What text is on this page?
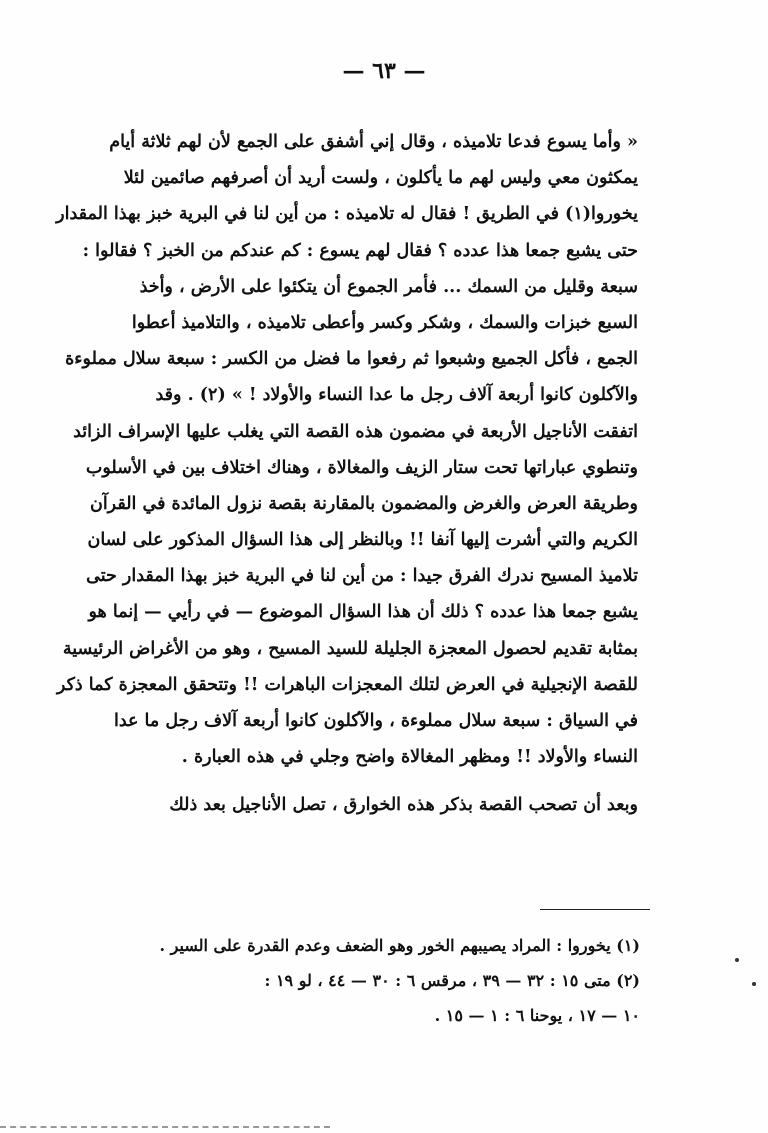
— ٦٣ —
« وأما يسوع فدعا تلاميذه ، وقال إني أشفق على الجمع لأن لهم ثلاثة أيام
يمكثون معي وليس لهم ما يأكلون ، ولست أريد أن أصرفهم صائمين لئلا
يخوروا(١) في الطريق ! فقال له تلاميذه : من أين لنا في البرية خبز بهذا المقدار
حتى يشبع جمعا هذا عدده ؟ فقال لهم يسوع : كم عندكم من الخبز ؟ فقالوا :
سبعة وقليل من السمك ... فأمر الجموع أن يتكئوا على الأرض ، وأخذ
السبع خبزات والسمك ، وشكر وكسر وأعطى تلاميذه ، والتلاميذ أعطوا
الجمع ، فأكل الجميع وشبعوا ثم رفعوا ما فضل من الكسر : سبعة سلال مملوءة
والآكلون كانوا أربعة آلاف رجل ما عدا النساء والأولاد ! » (٢) . وقد
اتفقت الأناجيل الأربعة في مضمون هذه القصة التي يغلب عليها الإسراف الزائد
وتنطوي عباراتها تحت ستار الزيف والمغالاة ، وهناك اختلاف بين في الأسلوب
وطريقة العرض والغرض والمضمون بالمقارنة بقصة نزول المائدة في القرآن
الكريم والتي أشرت إليها آنفا !! وبالنظر إلى هذا السؤال المذكور على لسان
تلاميذ المسيح ندرك الفرق جيدا : من أين لنا في البرية خبز بهذا المقدار حتى
يشبع جمعا هذا عدده ؟ ذلك أن هذا السؤال الموضوع — في رأيي — إنما هو
بمثابة تقديم لحصول المعجزة الجليلة للسيد المسيح ، وهو من الأغراض الرئيسية
للقصة الإنجيلية في العرض لتلك المعجزات الباهرات !! وتتحقق المعجزة كما ذكر
في السياق : سبعة سلال مملوءة ، والآكلون كانوا أربعة آلاف رجل ما عدا
النساء والأولاد !! ومظهر المغالاة واضح وجلي في هذه العبارة .
وبعد أن تصحب القصة بذكر هذه الخوارق ، تصل الأناجيل بعد ذلك
(١) يخوروا : المراد يصيبهم الخور وهو الضعف وعدم القدرة على السير .
(٢) متى ١٥ : ٣٢ — ٣٩ ، مرقس ٦ : ٣٠ — ٤٤ ، لو ١٩ :
١٠ — ١٧ ، يوحنا ٦ : ١ — ١٥ .
